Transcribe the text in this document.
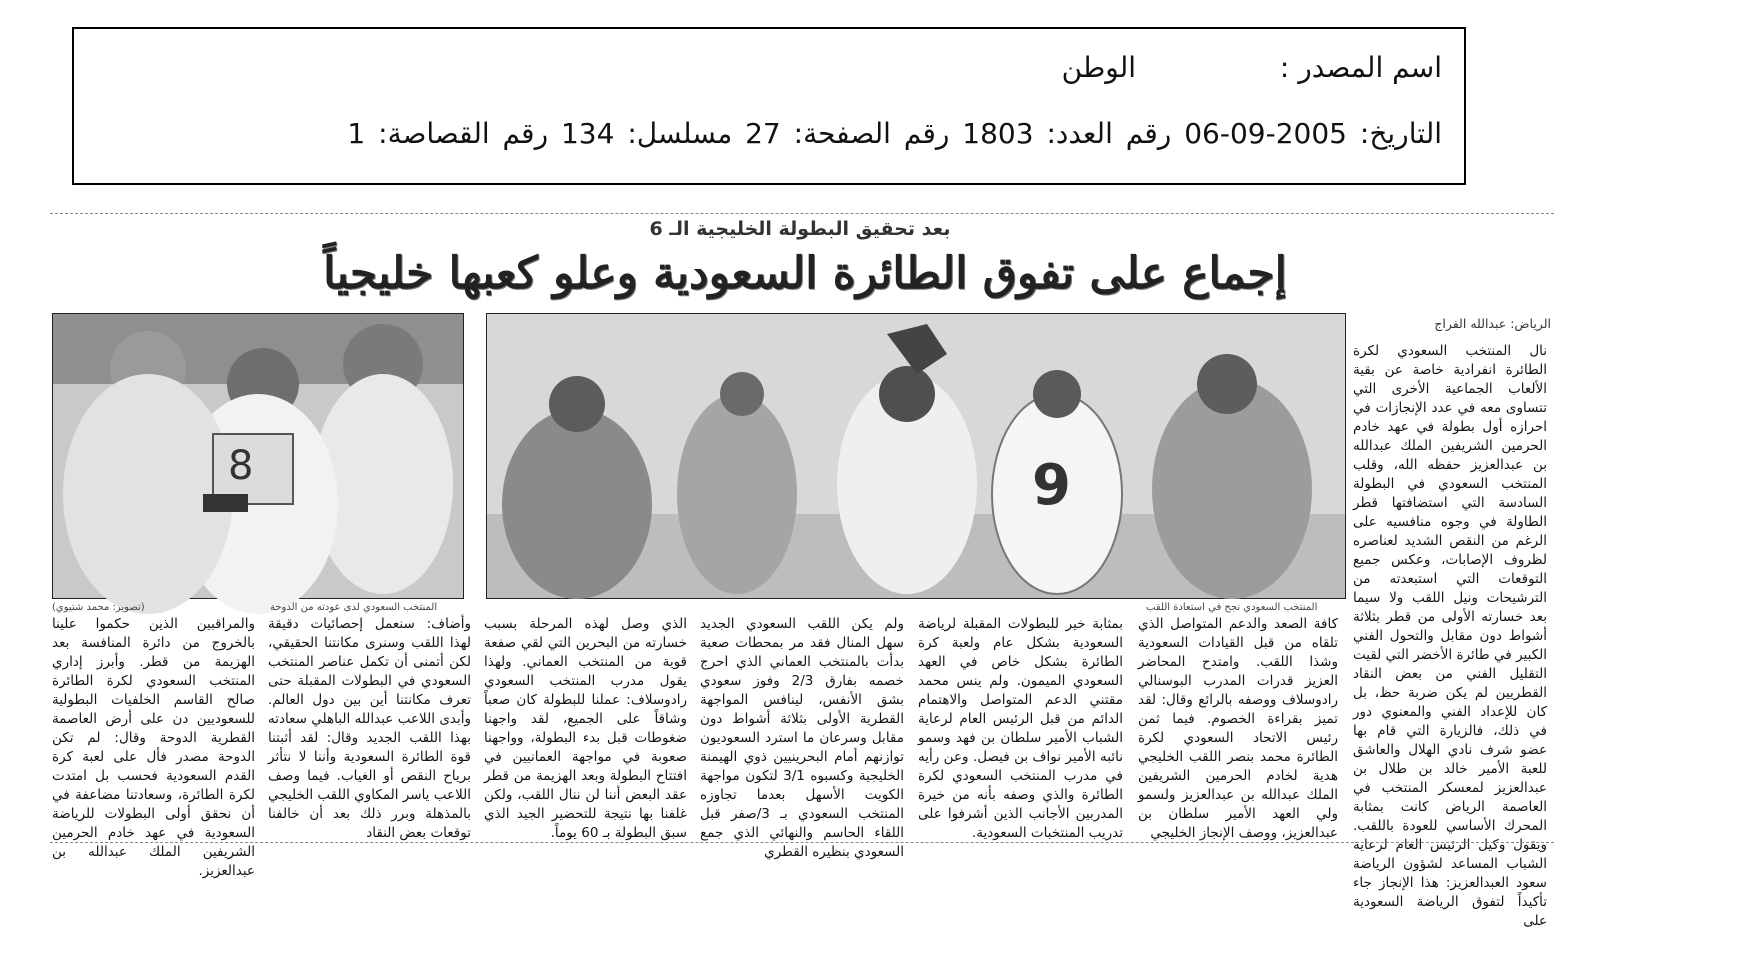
اسم المصدر :
الوطن
التاريخ: 2005-09-06 رقم العدد: 1803 رقم الصفحة: 27 مسلسل: 134 رقم القصاصة: 1
بعد تحقيق البطولة الخليجية الـ 6
إجماع على تفوق الطائرة السعودية وعلو كعبها خليجياً
الرياض: عبدالله الفراج
8	9
(تصوير: محمد شتيوي)	المنتخب السعودي لدى عودته من الدوحة	المنتخب السعودي نجح في استعادة اللقب

نال المنتخب السعودي لكرة الطائرة انفرادية خاصة عن بقية الألعاب الجماعية الأخرى التي تتساوى معه في عدد الإنجازات في احرازه أول بطولة في عهد خادم الحرمين الشريفين الملك عبدالله بن عبدالعزيز حفظه الله، وقلب المنتخب السعودي في البطولة السادسة التي استضافتها قطر الطاولة في وجوه منافسيه على الرغم من النقص الشديد لعناصره لظروف الإصابات، وعكس جميع التوقعات التي استبعدته من الترشيحات ونيل اللقب ولا سيما بعد خسارته الأولى من قطر بثلاثة أشواط دون مقابل والتحول الفني الكبير في طائرة الأخضر التي لقيت التقليل الفني من بعض النقاد القطريين لم يكن ضربة حظ، بل كان للإعداد الفني والمعنوي دور في ذلك، فالزيارة التي قام بها عضو شرف نادي الهلال والعاشق للعبة الأمير خالد بن طلال بن عبدالعزيز لمعسكر المنتخب في العاصمة الرياض كانت بمثابة المحرك الأساسي للعودة باللقب. ويقول وكيل الرئيس العام لرعاية الشباب المساعد لشؤون الرياضة سعود العبدالعزيز: هذا الإنجاز جاء تأكيداً لتفوق الرياضة السعودية على

كافة الصعد والدعم المتواصل الذي تلقاه من قبل القيادات السعودية وشذا اللقب. وامتدح المحاضر العزيز قدرات المدرب البوسنالي رادوسلاف ووصفه بالرائع وقال: لقد تميز بقراءة الخصوم. فيما ثمن رئيس الاتحاد السعودي لكرة الطائرة محمد بنصر اللقب الخليجي هدية لخادم الحرمين الشريفين الملك عبدالله بن عبدالعزيز ولسمو ولي العهد الأمير سلطان بن عبدالعزيز، ووصف الإنجاز الخليجي

بمثابة خير للبطولات المقبلة لرياضة السعودية بشكل عام ولعبة كرة الطائرة بشكل خاص في العهد السعودي الميمون. ولم ينس محمد مقتني الدعم المتواصل والاهتمام الدائم من قبل الرئيس العام لرعاية الشباب الأمير سلطان بن فهد وسمو نائبه الأمير نواف بن فيصل. وعن رأيه في مدرب المنتخب السعودي لكرة الطائرة والذي وصفه بأنه من خيرة المدربين الأجانب الذين أشرفوا على تدريب المنتخبات السعودية.

ولم يكن اللقب السعودي الجديد سهل المنال فقد مر بمحطات صعبة بدأت بالمنتخب العماني الذي احرج خصمه بفارق 2/3 وفوز سعودي بشق الأنفس، لينافس المواجهة القطرية الأولى بثلاثة أشواط دون مقابل وسرعان ما استرد السعوديون توازنهم أمام البحرينيين ذوي الهيمنة الخليجية وكسبوه 3/1 لتكون مواجهة الكويت الأسهل بعدما تجاوزه المنتخب السعودي بـ 3/صفر قبل اللقاء الحاسم والنهائي الذي جمع السعودي بنظيره القطري

الذي وصل لهذه المرحلة بسبب خسارته من البحرين التي لقي صفعة قوية من المنتخب العماني. ولهذا يقول مدرب المنتخب السعودي رادوسلاف: عملنا للبطولة كان صعباً وشاقاً على الجميع، لقد واجهنا ضغوطات قبل بدء البطولة، وواجهنا صعوبة في مواجهة العمانيين في افتتاح البطولة وبعد الهزيمة من قطر عقد البعض أننا لن ننال اللقب، ولكن غلفنا بها نتيجة للتحضير الجيد الذي سبق البطولة بـ 60 يوماً.

وأضاف: سنعمل إحصائيات دقيقة لهذا اللقب وسنرى مكانتنا الحقيقي، لكن أتمنى أن تكمل عناصر المنتخب السعودي في البطولات المقبلة حتى تعرف مكانتنا أين بين دول العالم. وأبدى اللاعب عبدالله الباهلي سعادته بهذا اللقب الجديد وقال: لقد أثبتنا قوة الطائرة السعودية وأننا لا نتأثر برياح النقص أو الغياب. فيما وصف اللاعب ياسر المكاوي اللقب الخليجي بالمذهلة وبرر ذلك بعد أن خالفنا توقعات بعض النقاد

والمراقبين الذين حكموا علينا بالخروج من دائرة المنافسة بعد الهزيمة من قطر. وأبرز إداري المنتخب السعودي لكرة الطائرة صالح القاسم الخلفيات البطولية للسعوديين دن على أرض العاصمة القطرية الدوحة وقال: لم تكن الدوحة مصدر فأل على لعبة كرة القدم السعودية فحسب بل امتدت لكرة الطائرة، وسعادتنا مضاعفة في أن نحقق أولى البطولات للرياضة السعودية في عهد خادم الحرمين الشريفين الملك عبدالله بن عبدالعزيز.
